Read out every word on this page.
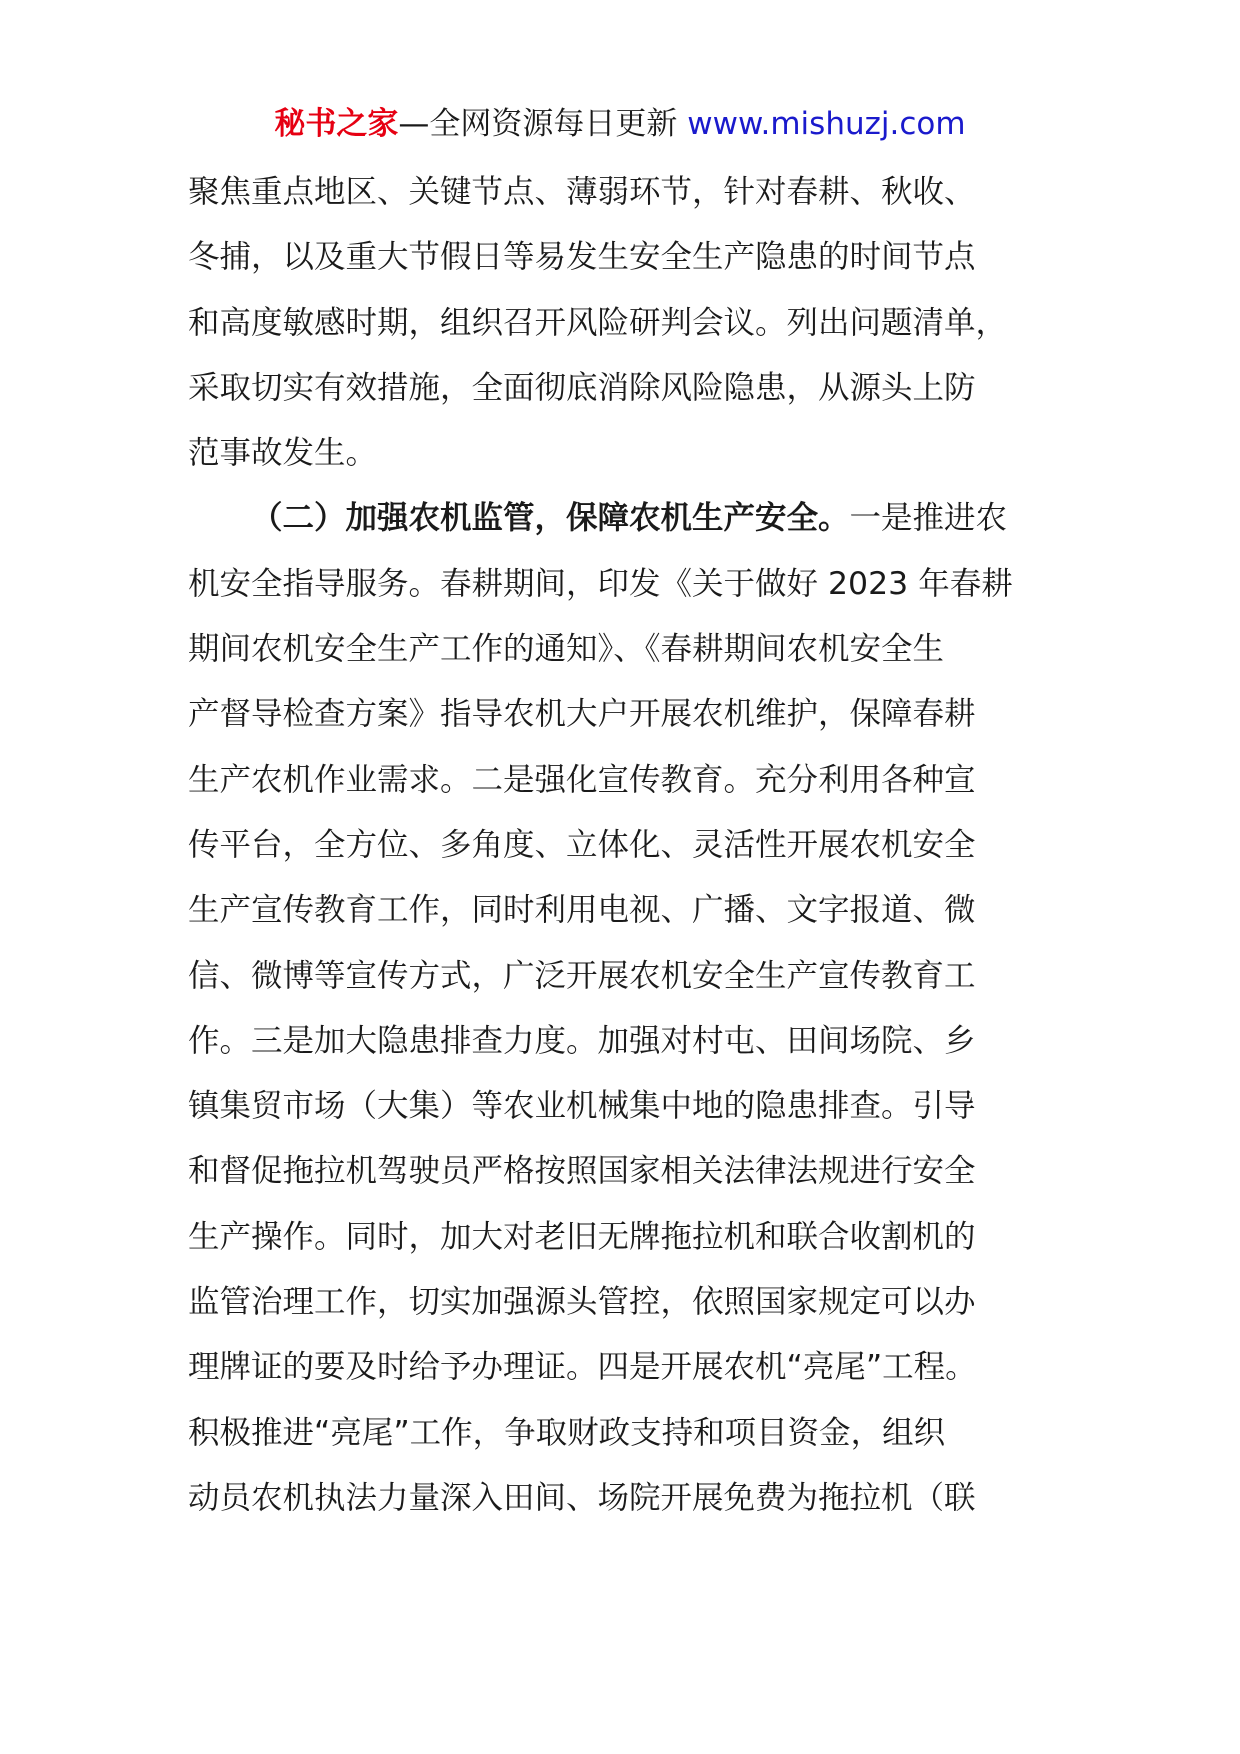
秘书之家—全网资源每日更新 www.mishuzj.com
聚焦重点地区、关键节点、薄弱环节，针对春耕、秋收、
冬捕，以及重大节假日等易发生安全生产隐患的时间节点
和高度敏感时期，组织召开风险研判会议。列出问题清单，
采取切实有效措施，全面彻底消除风险隐患，从源头上防
范事故发生。
（二）加强农机监管，保障农机生产安全。一是推进农
机安全指导服务。春耕期间，印发《关于做好 2023 年春耕
期间农机安全生产工作的通知》、《春耕期间农机安全生
产督导检查方案》指导农机大户开展农机维护，保障春耕
生产农机作业需求。二是强化宣传教育。充分利用各种宣
传平台，全方位、多角度、立体化、灵活性开展农机安全
生产宣传教育工作，同时利用电视、广播、文字报道、微
信、微博等宣传方式，广泛开展农机安全生产宣传教育工
作。三是加大隐患排查力度。加强对村屯、田间场院、乡
镇集贸市场（大集）等农业机械集中地的隐患排查。引导
和督促拖拉机驾驶员严格按照国家相关法律法规进行安全
生产操作。同时，加大对老旧无牌拖拉机和联合收割机的
监管治理工作，切实加强源头管控，依照国家规定可以办
理牌证的要及时给予办理证。四是开展农机“亮尾”工程。
积极推进“亮尾”工作，争取财政支持和项目资金，组织
动员农机执法力量深入田间、场院开展免费为拖拉机（联
